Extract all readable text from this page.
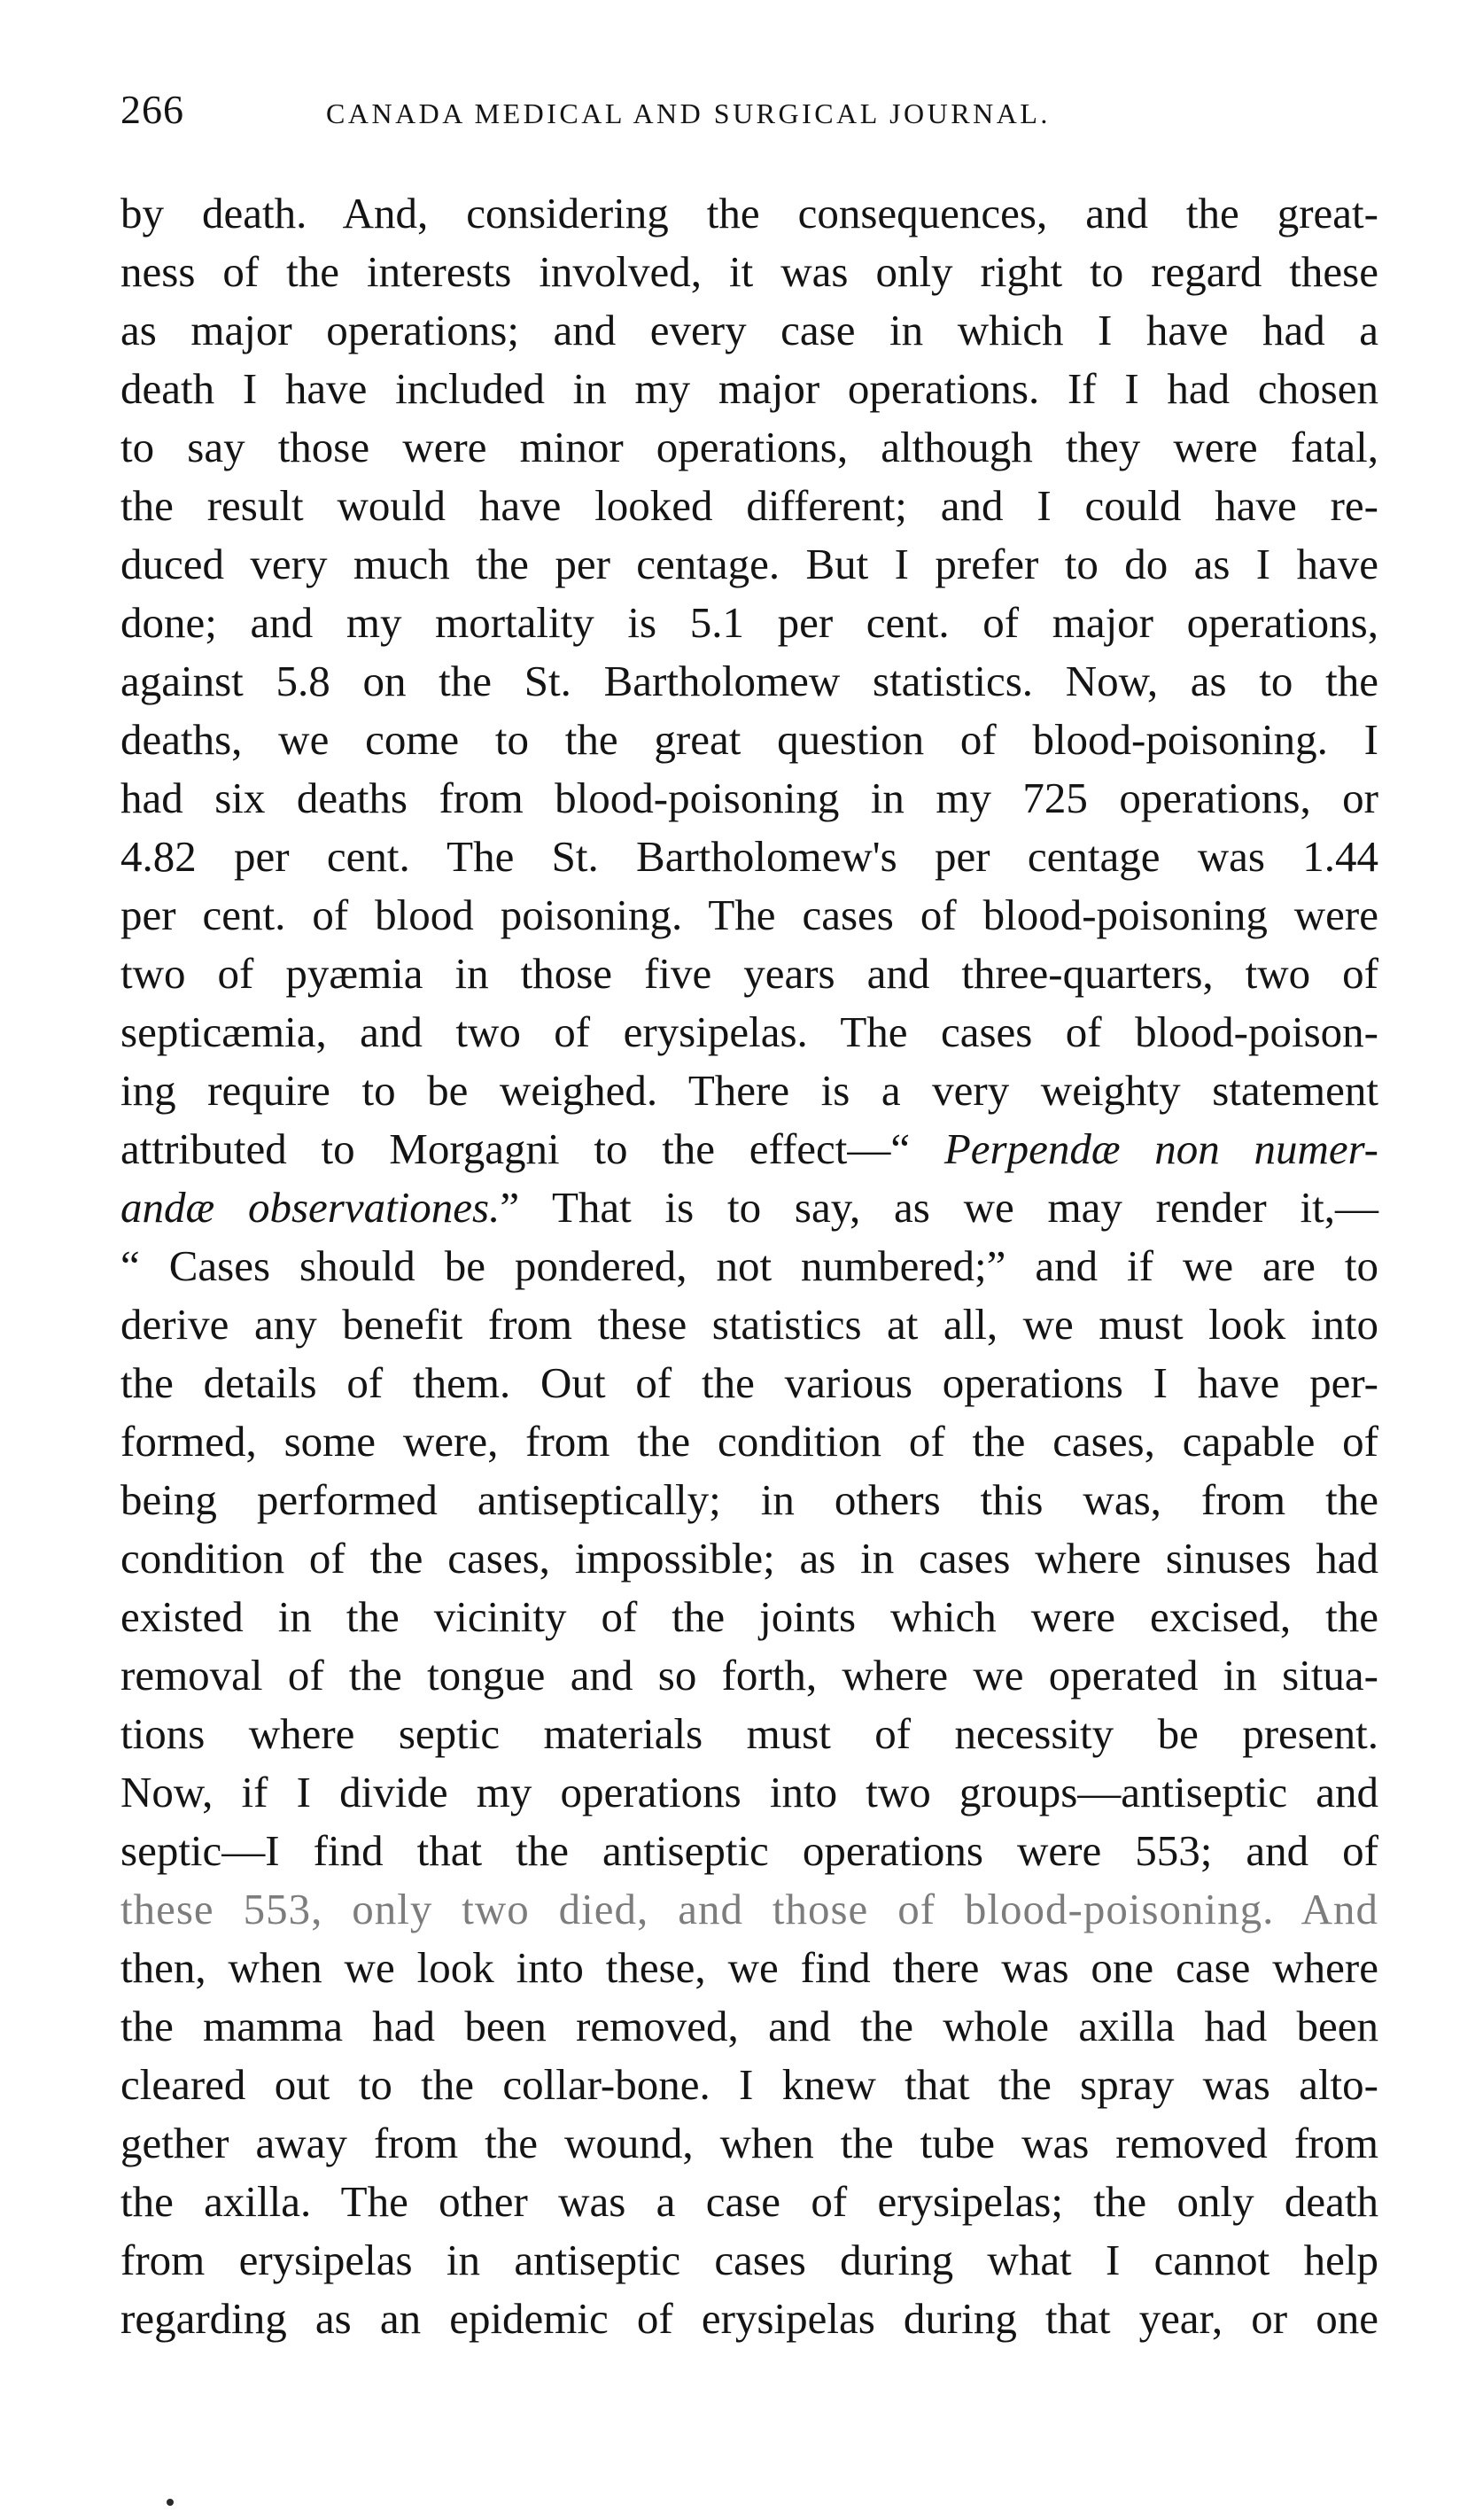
266	CANADA MEDICAL AND SURGICAL JOURNAL.
by death. And, considering the consequences, and the great-
ness of the interests involved, it was only right to regard these
as major operations; and every case in which I have had a
death I have included in my major operations. If I had chosen
to say those were minor operations, although they were fatal,
the result would have looked different; and I could have re-
duced very much the per centage. But I prefer to do as I have
done; and my mortality is 5.1 per cent. of major operations,
against 5.8 on the St. Bartholomew statistics. Now, as to the
deaths, we come to the great question of blood-poisoning. I
had six deaths from blood-poisoning in my 725 operations, or
4.82 per cent. The St. Bartholomew's per centage was 1.44
per cent. of blood poisoning. The cases of blood-poisoning were
two of pyæmia in those five years and three-quarters, two of
septicæmia, and two of erysipelas. The cases of blood-poison-
ing require to be weighed. There is a very weighty statement
attributed to Morgagni to the effect—“ Perpendæ non numer-
andæ observationes.” That is to say, as we may render it,—
“ Cases should be pondered, not numbered;” and if we are to
derive any benefit from these statistics at all, we must look into
the details of them. Out of the various operations I have per-
formed, some were, from the condition of the cases, capable of
being performed antiseptically; in others this was, from the
condition of the cases, impossible; as in cases where sinuses had
existed in the vicinity of the joints which were excised, the
removal of the tongue and so forth, where we operated in situa-
tions where septic materials must of necessity be present.
Now, if I divide my operations into two groups—antiseptic and
septic—I find that the antiseptic operations were 553; and of
these 553, only two died, and those of blood-poisoning. And
then, when we look into these, we find there was one case where
the mamma had been removed, and the whole axilla had been
cleared out to the collar-bone. I knew that the spray was alto-
gether away from the wound, when the tube was removed from
the axilla. The other was a case of erysipelas; the only death
from erysipelas in antiseptic cases during what I cannot help
regarding as an epidemic of erysipelas during that year, or one
